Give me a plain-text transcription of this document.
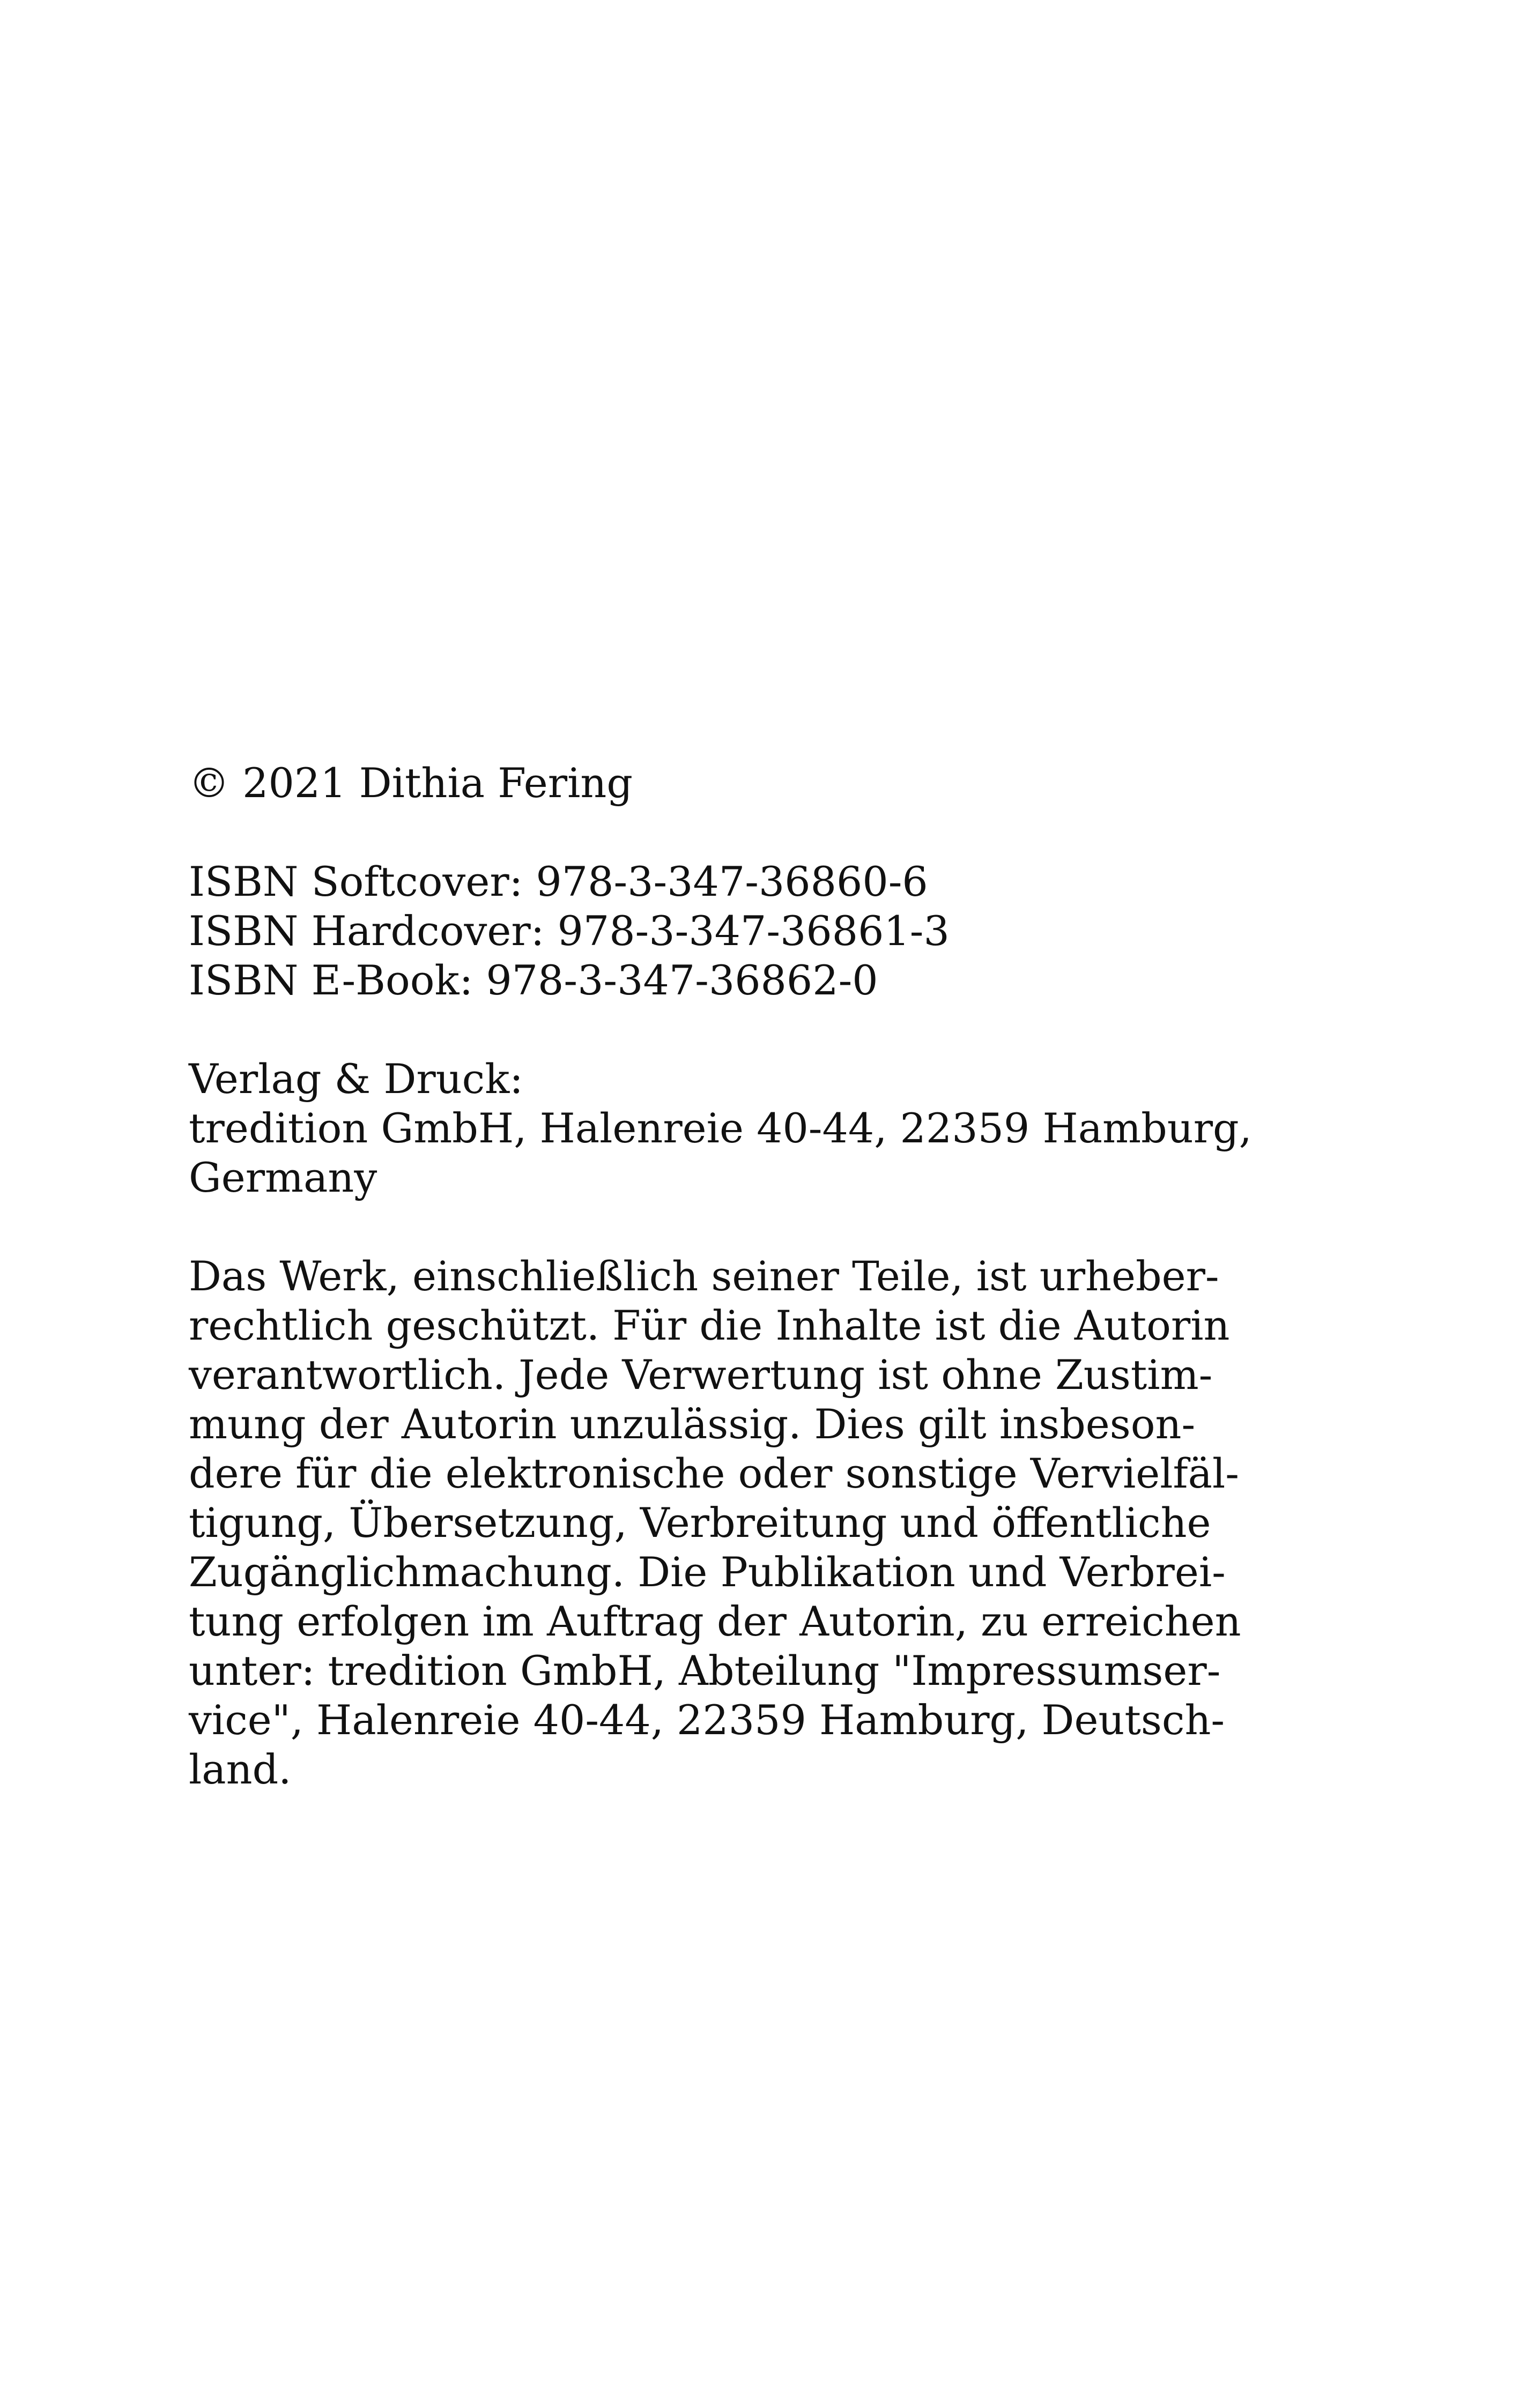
© 2021 Dithia Fering
ISBN Softcover: 978-3-347-36860-6
ISBN Hardcover: 978-3-347-36861-3
ISBN E-Book: 978-3-347-36862-0
Verlag & Druck:
tredition GmbH, Halenreie 40-44, 22359 Hamburg,
Germany
Das Werk, einschließlich seiner Teile, ist urheber-
rechtlich geschützt. Für die Inhalte ist die Autorin
verantwortlich. Jede Verwertung ist ohne Zustim-
mung der Autorin unzulässig. Dies gilt insbeson-
dere für die elektronische oder sonstige Vervielfäl-
tigung, Übersetzung, Verbreitung und öffentliche
Zugänglichmachung. Die Publikation und Verbrei-
tung erfolgen im Auftrag der Autorin, zu erreichen
unter: tredition GmbH, Abteilung "Impressumser-
vice", Halenreie 40-44, 22359 Hamburg, Deutsch-
land.
